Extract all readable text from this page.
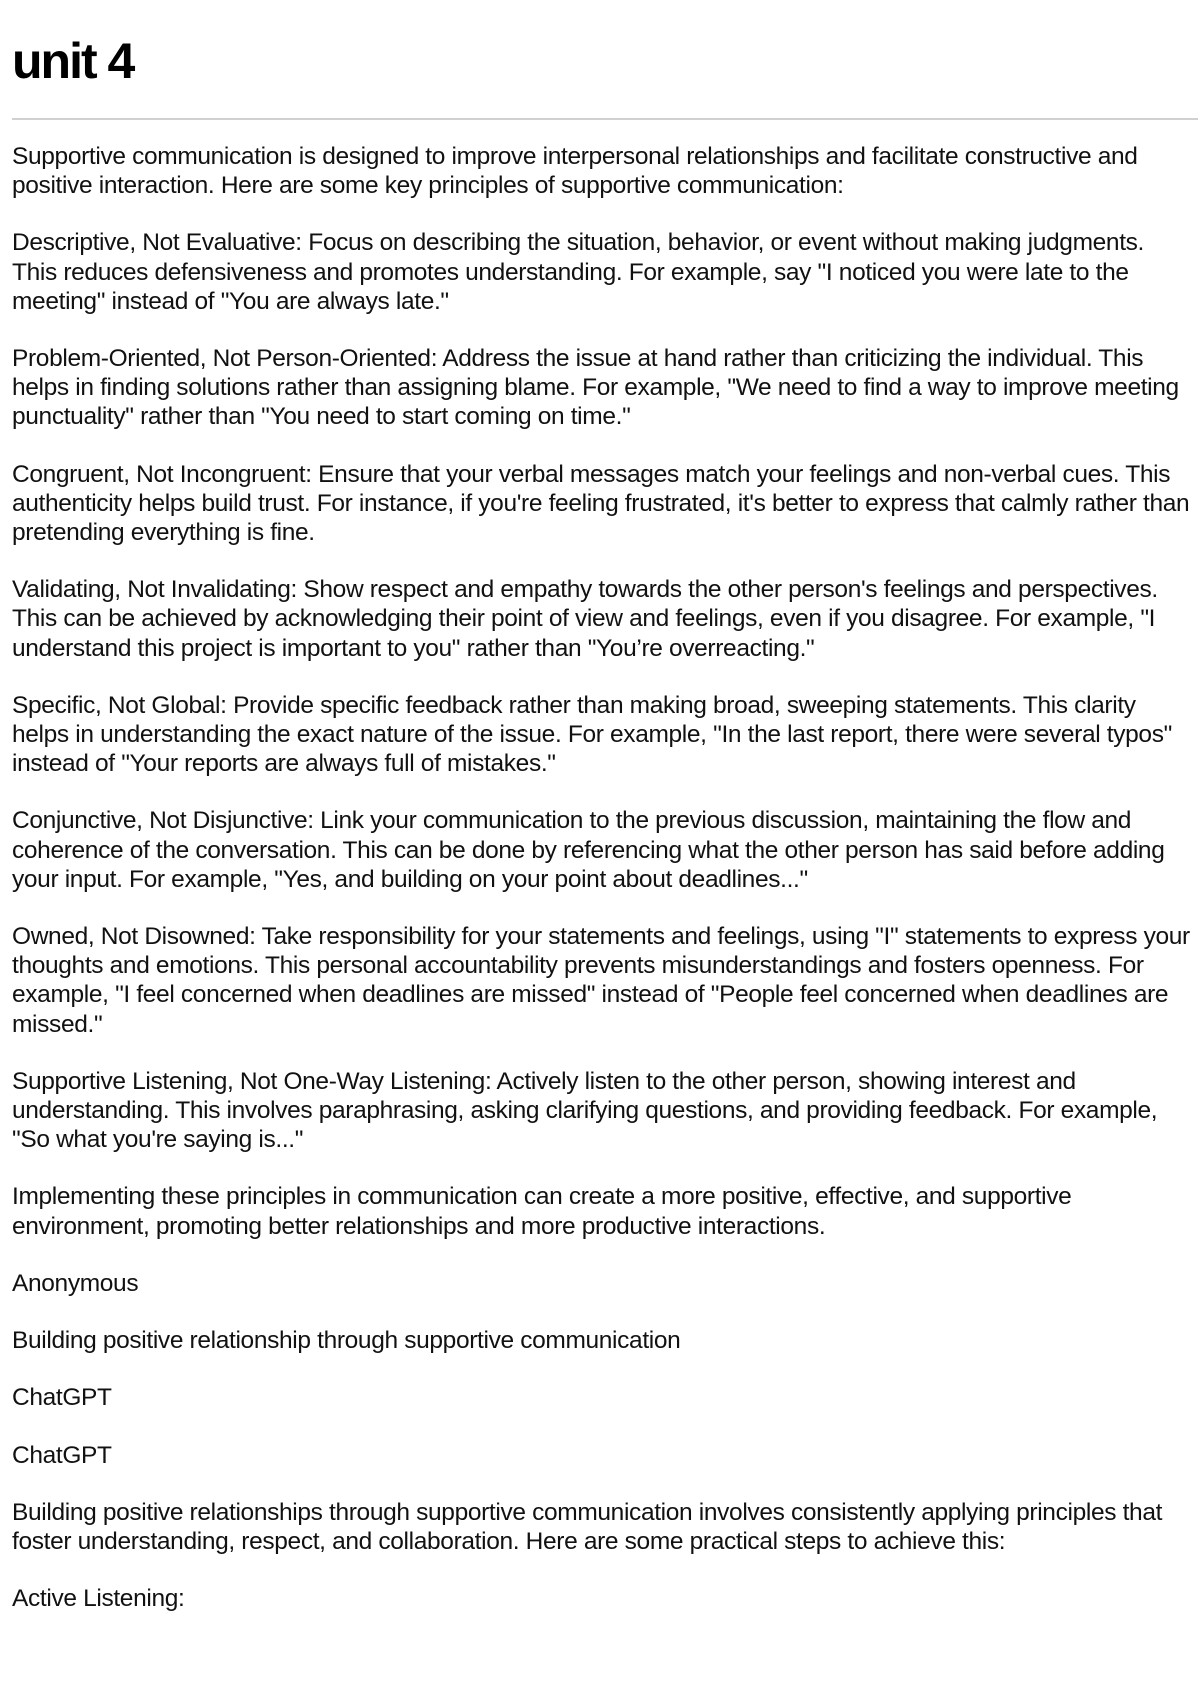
unit 4

Supportive communication is designed to improve interpersonal relationships and facilitate constructive and positive interaction. Here are some key principles of supportive communication:

Descriptive, Not Evaluative: Focus on describing the situation, behavior, or event without making judgments. This reduces defensiveness and promotes understanding. For example, say "I noticed you were late to the meeting" instead of "You are always late."

Problem-Oriented, Not Person-Oriented: Address the issue at hand rather than criticizing the individual. This helps in finding solutions rather than assigning blame. For example, "We need to find a way to improve meeting punctuality" rather than "You need to start coming on time."

Congruent, Not Incongruent: Ensure that your verbal messages match your feelings and non-verbal cues. This authenticity helps build trust. For instance, if you're feeling frustrated, it's better to express that calmly rather than pretending everything is fine.

Validating, Not Invalidating: Show respect and empathy towards the other person's feelings and perspectives. This can be achieved by acknowledging their point of view and feelings, even if you disagree. For example, "I understand this project is important to you" rather than "You’re overreacting."

Specific, Not Global: Provide specific feedback rather than making broad, sweeping statements. This clarity helps in understanding the exact nature of the issue. For example, "In the last report, there were several typos" instead of "Your reports are always full of mistakes."

Conjunctive, Not Disjunctive: Link your communication to the previous discussion, maintaining the flow and coherence of the conversation. This can be done by referencing what the other person has said before adding your input. For example, "Yes, and building on your point about deadlines..."

Owned, Not Disowned: Take responsibility for your statements and feelings, using "I" statements to express your thoughts and emotions. This personal accountability prevents misunderstandings and fosters openness. For example, "I feel concerned when deadlines are missed" instead of "People feel concerned when deadlines are missed."

Supportive Listening, Not One-Way Listening: Actively listen to the other person, showing interest and understanding. This involves paraphrasing, asking clarifying questions, and providing feedback. For example, "So what you're saying is..."

Implementing these principles in communication can create a more positive, effective, and supportive environment, promoting better relationships and more productive interactions.

Anonymous

Building positive relationship through supportive communication

ChatGPT

ChatGPT

Building positive relationships through supportive communication involves consistently applying principles that foster understanding, respect, and collaboration. Here are some practical steps to achieve this:

Active Listening:
